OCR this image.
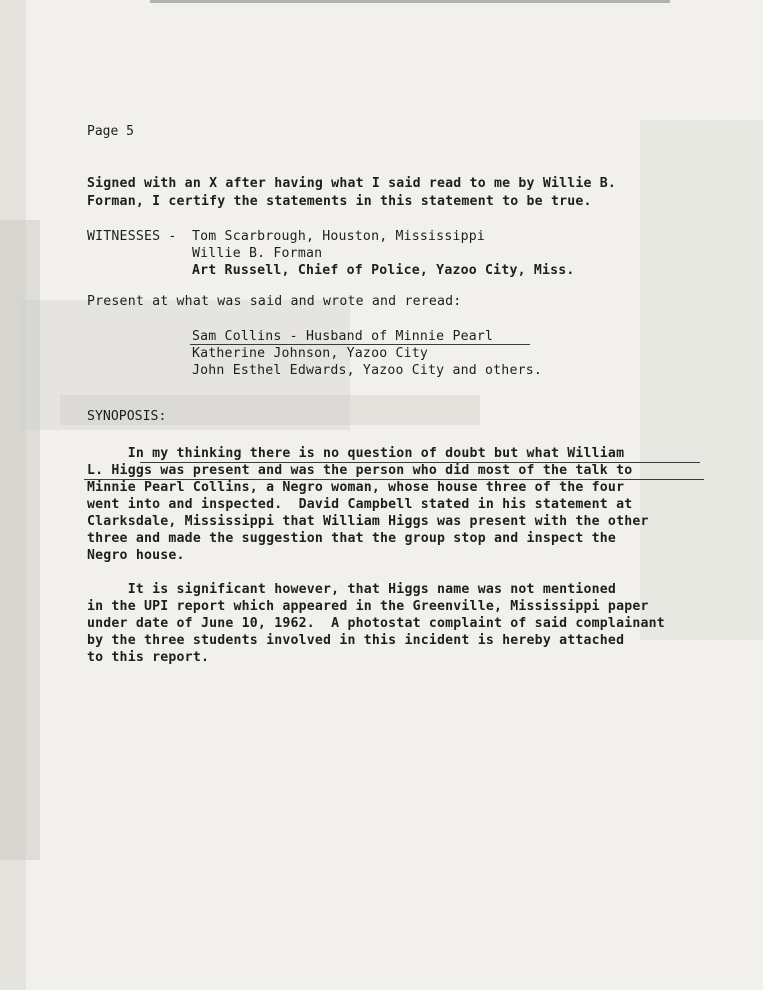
Page 5
Signed with an X after having what I said read to me by Willie B.
Forman, I certify the statements in this statement to be true.
WITNESSES - Tom Scarbrough, Houston, Mississippi
Willie B. Forman
Art Russell, Chief of Police, Yazoo City, Miss.
Present at what was said and wrote and reread:
Sam Collins - Husband of Minnie Pearl
Katherine Johnson, Yazoo City
John Esthel Edwards, Yazoo City and others.
SYNOPOSIS:
In my thinking there is no question of doubt but what William
L. Higgs was present and was the person who did most of the talk to
Minnie Pearl Collins, a Negro woman, whose house three of the four
went into and inspected.  David Campbell stated in his statement at
Clarksdale, Mississippi that William Higgs was present with the other
three and made the suggestion that the group stop and inspect the
Negro house.
It is significant however, that Higgs name was not mentioned
in the UPI report which appeared in the Greenville, Mississippi paper
under date of June 10, 1962.  A photostat complaint of said complainant
by the three students involved in this incident is hereby attached
to this report.
